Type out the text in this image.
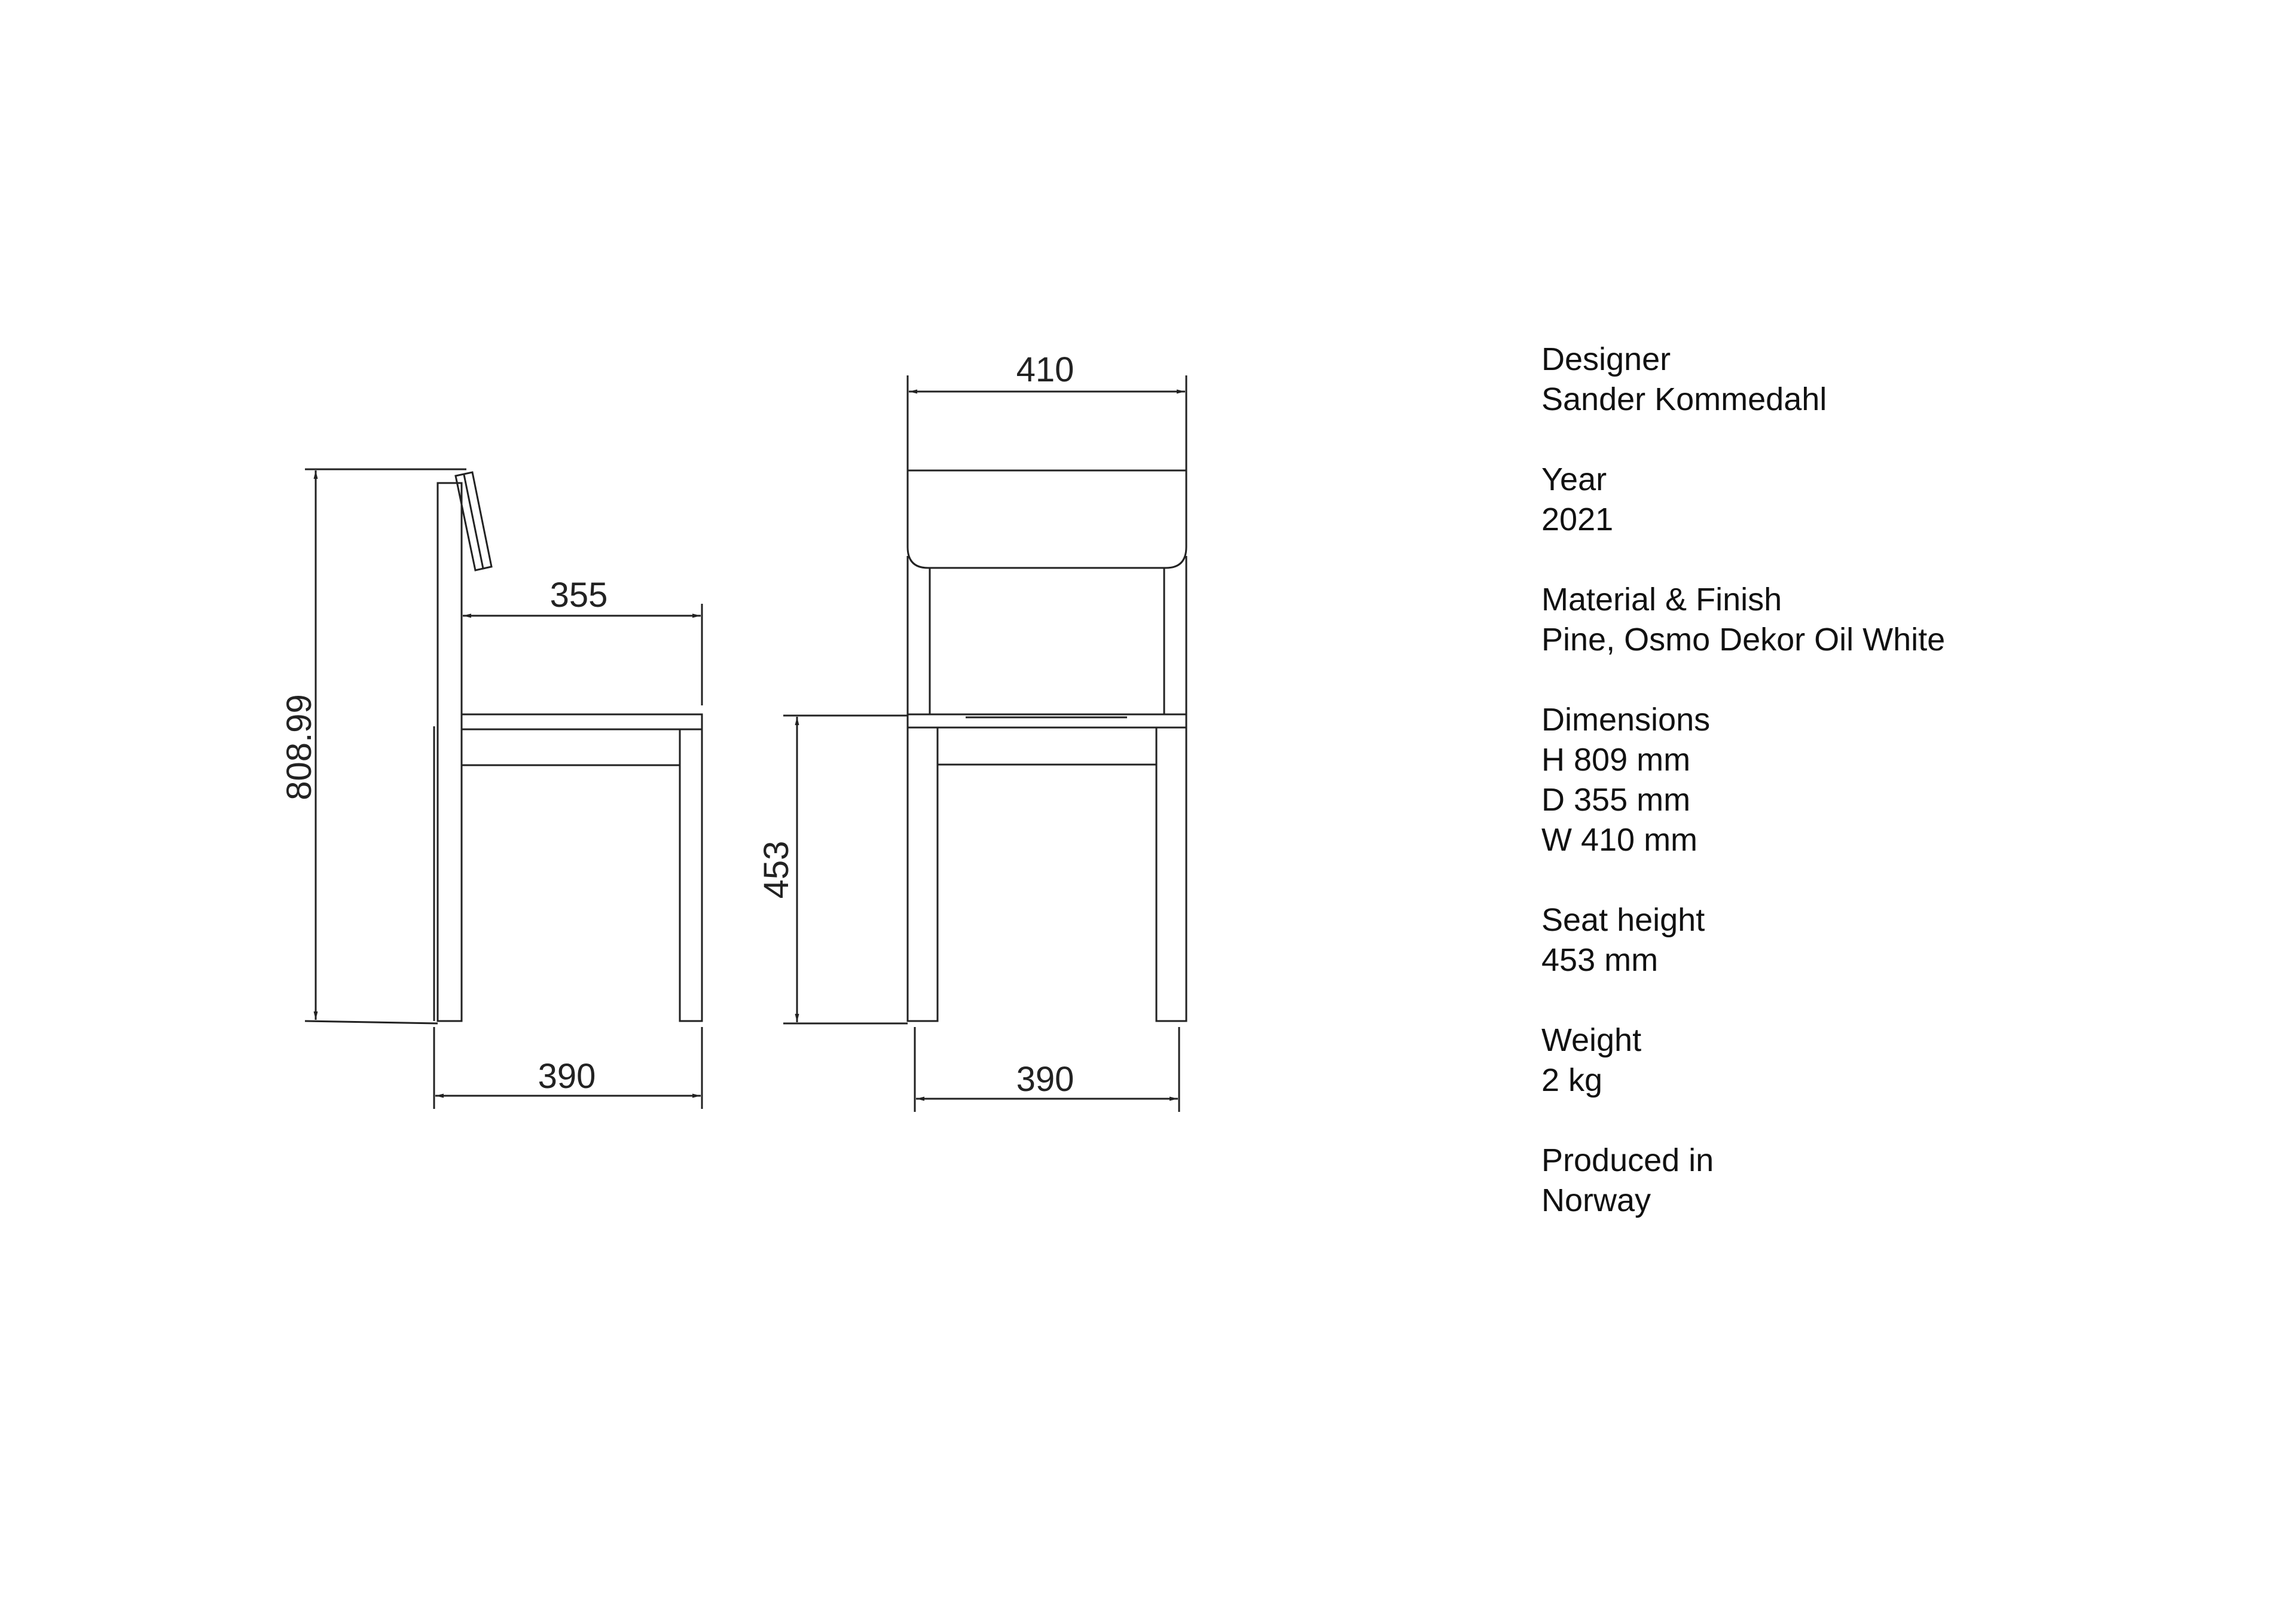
808.99
355
390
410
453
390
Designer
Sander Kommedahl
Year
2021
Material & Finish
Pine, Osmo Dekor Oil White
Dimensions
H 809 mm
D 355 mm
W 410 mm
Seat height
453 mm
Weight
2 kg
Produced in
Norway
